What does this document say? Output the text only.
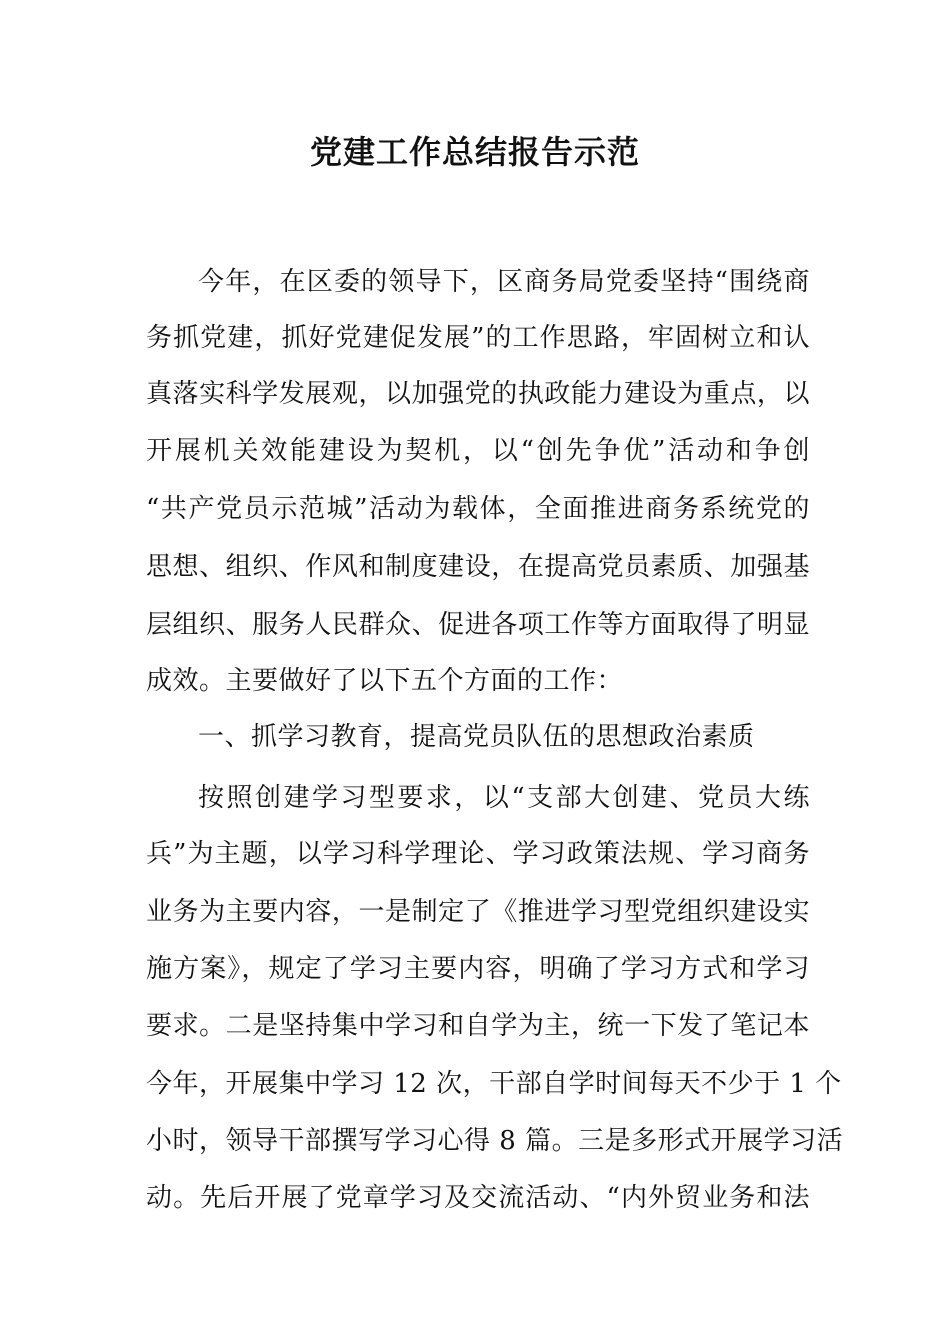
党建工作总结报告示范
今年，在区委的领导下，区商务局党委坚持“围绕商
务抓党建，抓好党建促发展”的工作思路，牢固树立和认
真落实科学发展观，以加强党的执政能力建设为重点，以
开展机关效能建设为契机，以“创先争优”活动和争创
“共产党员示范城”活动为载体，全面推进商务系统党的
思想、组织、作风和制度建设，在提高党员素质、加强基
层组织、服务人民群众、促进各项工作等方面取得了明显
成效。主要做好了以下五个方面的工作：
一、抓学习教育，提高党员队伍的思想政治素质
按照创建学习型要求，以“支部大创建、党员大练
兵”为主题，以学习科学理论、学习政策法规、学习商务
业务为主要内容，一是制定了《推进学习型党组织建设实
施方案》，规定了学习主要内容，明确了学习方式和学习
要求。二是坚持集中学习和自学为主，统一下发了笔记本
今年，开展集中学习 12 次，干部自学时间每天不少于 1 个
小时，领导干部撰写学习心得 8 篇。三是多形式开展学习活
动。先后开展了党章学习及交流活动、“内外贸业务和法
